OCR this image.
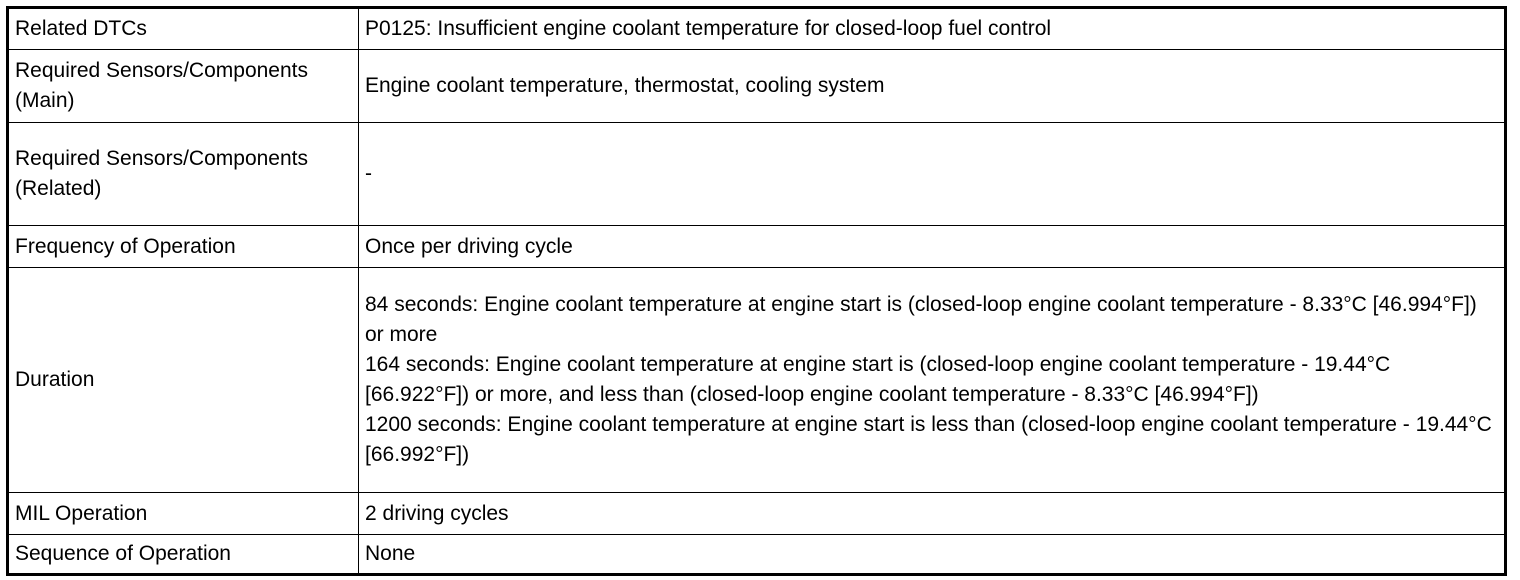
Related DTCs	P0125: Insufficient engine coolant temperature for closed-loop fuel control
Required Sensors/Components (Main)	Engine coolant temperature, thermostat, cooling system
Required Sensors/Components (Related)	-
Frequency of Operation	Once per driving cycle
Duration	84 seconds: Engine coolant temperature at engine start is (closed-loop engine coolant temperature - 8.33°C [46.994°F]) or more
164 seconds: Engine coolant temperature at engine start is (closed-loop engine coolant temperature - 19.44°C [66.922°F]) or more, and less than (closed-loop engine coolant temperature - 8.33°C [46.994°F])
1200 seconds: Engine coolant temperature at engine start is less than (closed-loop engine coolant temperature - 19.44°C [66.992°F])

MIL Operation	2 driving cycles
Sequence of Operation	None
